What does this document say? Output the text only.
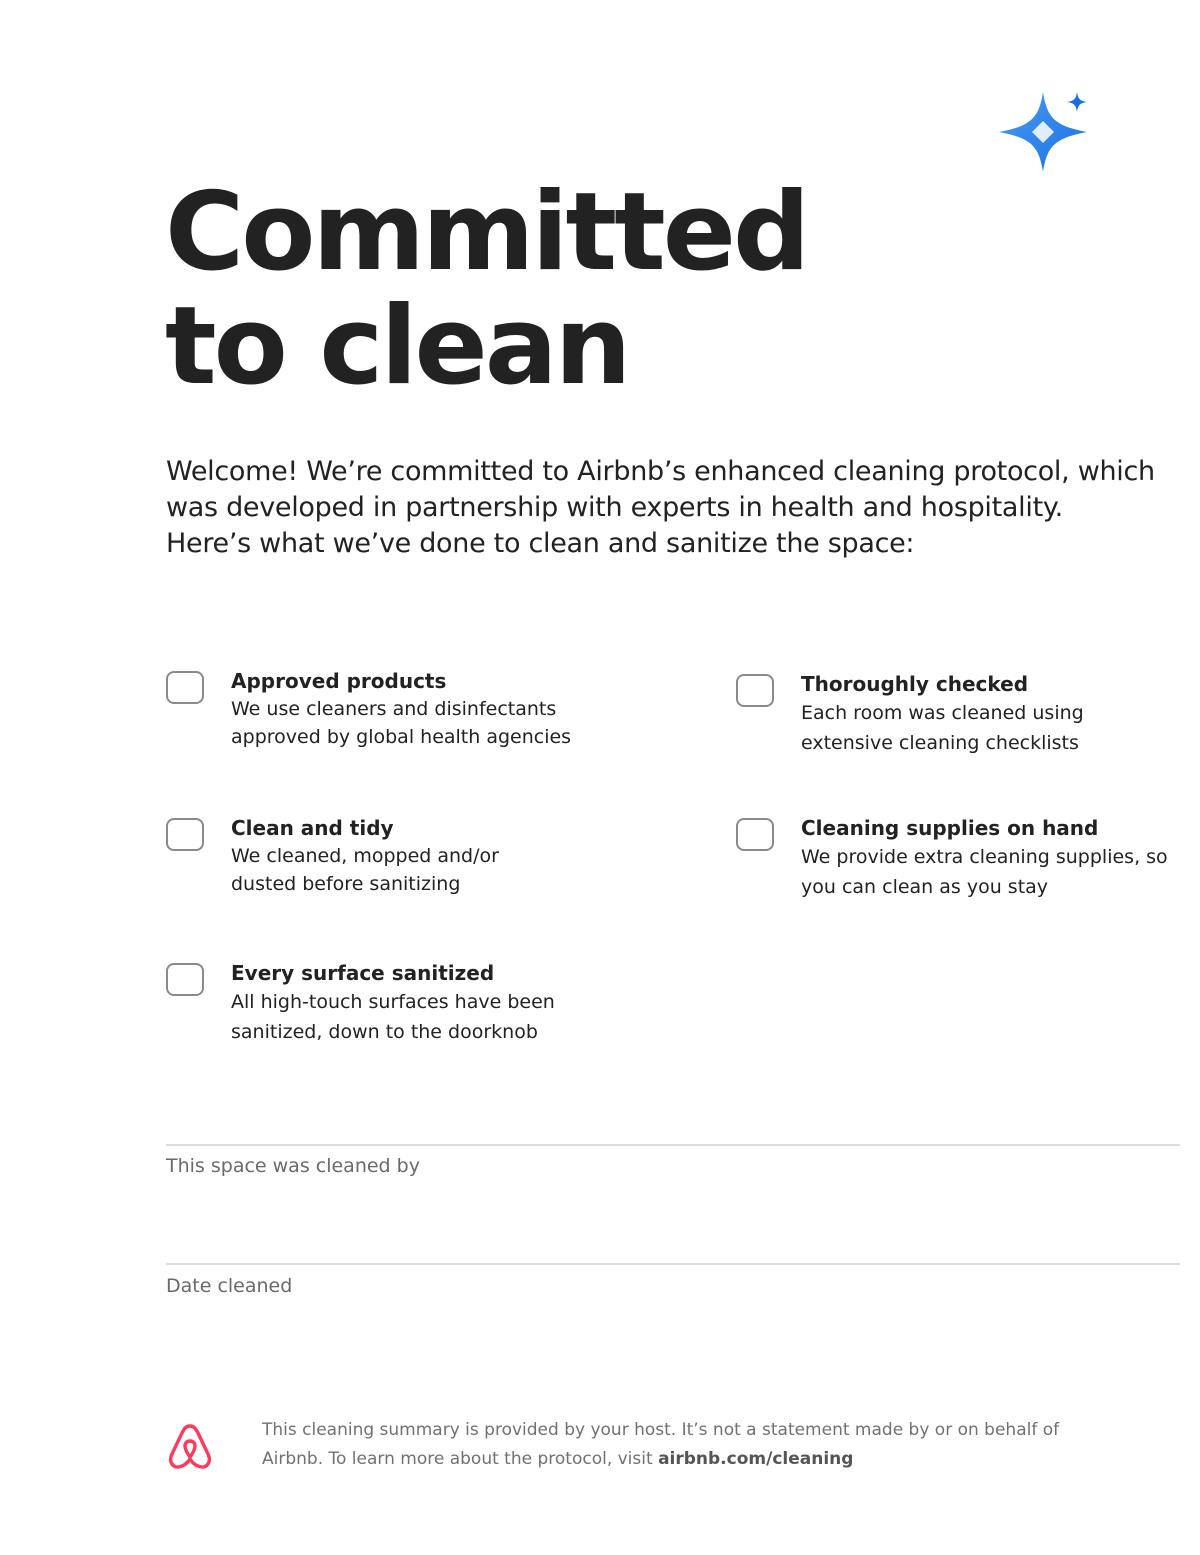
Committed
to clean

Welcome! We’re committed to Airbnb’s enhanced cleaning protocol, which was developed in partnership with experts in health and hospitality. Here’s what we’ve done to clean and sanitize the space:

Approved products
We use cleaners and disinfectants approved by global health agencies
Thoroughly checked
Each room was cleaned using extensive cleaning checklists
Clean and tidy
We cleaned, mopped and/or dusted before sanitizing
Cleaning supplies on hand
We provide extra cleaning supplies, so you can clean as you stay
Every surface sanitized
All high-touch surfaces have been sanitized, down to the doorknob
This space was cleaned by
Date cleaned

This cleaning summary is provided by your host. It’s not a statement made by or on behalf of Airbnb. To learn more about the protocol, visit airbnb.com/cleaning
